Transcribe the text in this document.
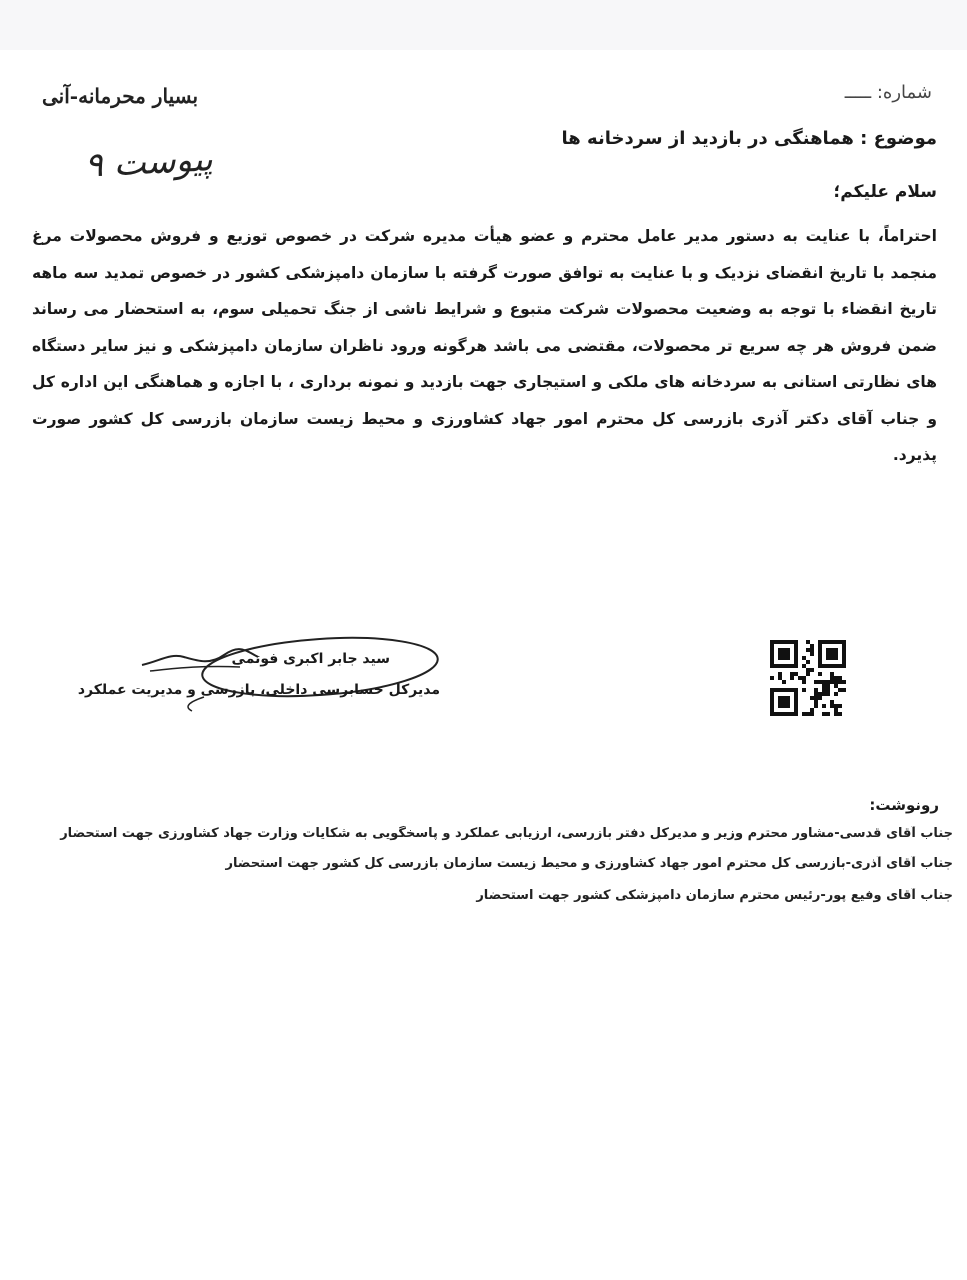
بسیار محرمانه-آنی	شماره: ـــــ
موضوع : هماهنگی در بازدید از سردخانه ها
پیوست ۹
سلام علیکم؛
احتراماً، با عنایت به دستور مدیر عامل محترم و عضو هیأت مدیره شرکت در خصوص توزیع و فروش محصولات مرغ منجمد با تاریخ انقضای نزدیک و با عنایت به توافق صورت گرفته با سازمان دامپزشکی کشور در خصوص تمدید سه ماهه تاریخ انقضاء با توجه به وضعیت محصولات شرکت متبوع و شرایط ناشی از جنگ تحمیلی سوم، به استحضار می رساند ضمن فروش هر چه سریع تر محصولات، مقتضی می باشد هرگونه ورود ناظران سازمان دامپزشکی و نیز سایر دستگاه های نظارتی استانی به سردخانه های ملکی و استیجاری جهت بازدید و نمونه برداری ، با اجازه و هماهنگی این اداره کل و جناب آقای دکتر آذری بازرسی کل محترم امور جهاد کشاورزی و محیط زیست سازمان بازرسی کل کشور صورت پذیرد.
سید جابر اکبری فوتمی
مدیرکل حسابرسی داخلی، بازرسی و مدیریت عملکرد
رونوشت:
جناب آقای قدسی-مشاور محترم وزیر و مدیرکل دفتر بازرسی، ارزیابی عملکرد و پاسخگویی به شکایات وزارت جهاد کشاورزی جهت استحضار
جناب آقای آذری-بازرسی کل محترم امور جهاد کشاورزی و محیط زیست سازمان بازرسی کل کشور جهت استحضار
جناب آقای وفیع پور-رئیس محترم سازمان دامپزشکی کشور جهت استحضار
